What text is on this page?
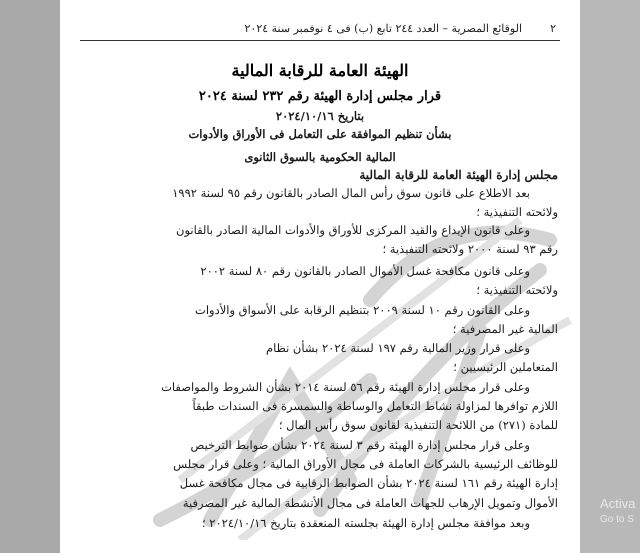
٢
الوقائع المصرية – العدد ٢٤٤ تابع (ب) فى ٤ نوفمبر سنة ٢٠٢٤
الهيئة العامة للرقابة المالية
قرار مجلس إدارة الهيئة رقم ٢٣٢ لسنة ٢٠٢٤
بتاريخ ٢٠٢٤/١٠/١٦
بشأن تنظيم الموافقة على التعامل فى الأوراق والأدوات
المالية الحكومية بالسوق الثانوى
مجلس إدارة الهيئة العامة للرقابة المالية
بعد الاطلاع على قانون سوق رأس المال الصادر بالقانون رقم ٩٥ لسنة ١٩٩٢
ولائحته التنفيذية ؛
وعلى قانون الإيداع والقيد المركزى للأوراق والأدوات المالية الصادر بالقانون
رقم ٩٣ لسنة ٢٠٠٠ ولائحته التنفيذية ؛
وعلى قانون مكافحة غسل الأموال الصادر بالقانون رقم ٨٠ لسنة ٢٠٠٢
ولائحته التنفيذية ؛
وعلى القانون رقم ١٠ لسنة ٢٠٠٩ بتنظيم الرقابة على الأسواق والأدوات
المالية غير المصرفية ؛
وعلى قرار وزير المالية رقم ١٩٧ لسنة ٢٠٢٤ بشأن نظام
المتعاملين الرئيسيين ؛
وعلى قرار مجلس إدارة الهيئة رقم ٥٦ لسنة ٢٠١٤ بشأن الشروط والمواصفات
اللازم توافرها لمزاولة نشاط التعامل والوساطة والسمسرة فى السندات طبقاً
للمادة (٢٧١) من اللائحة التنفيذية لقانون سوق رأس المال ؛
وعلى قرار مجلس إدارة الهيئة رقم ٣ لسنة ٢٠٢٤ بشأن ضوابط الترخيص
للوظائف الرئيسية بالشركات العاملة فى مجال الأوراق المالية ؛ وعلى قرار مجلس
إدارة الهيئة رقم ١٦١ لسنة ٢٠٢٤ بشأن الضوابط الرقابية فى مجال مكافحة غسل
الأموال وتمويل الإرهاب للجهات العاملة فى مجال الأنشطة المالية غير المصرفية
وبعد موافقة مجلس إدارة الهيئة بجلسته المنعقدة بتاريخ ٢٠٢٤/١٠/١٦ ؛
Activa
Go to S
